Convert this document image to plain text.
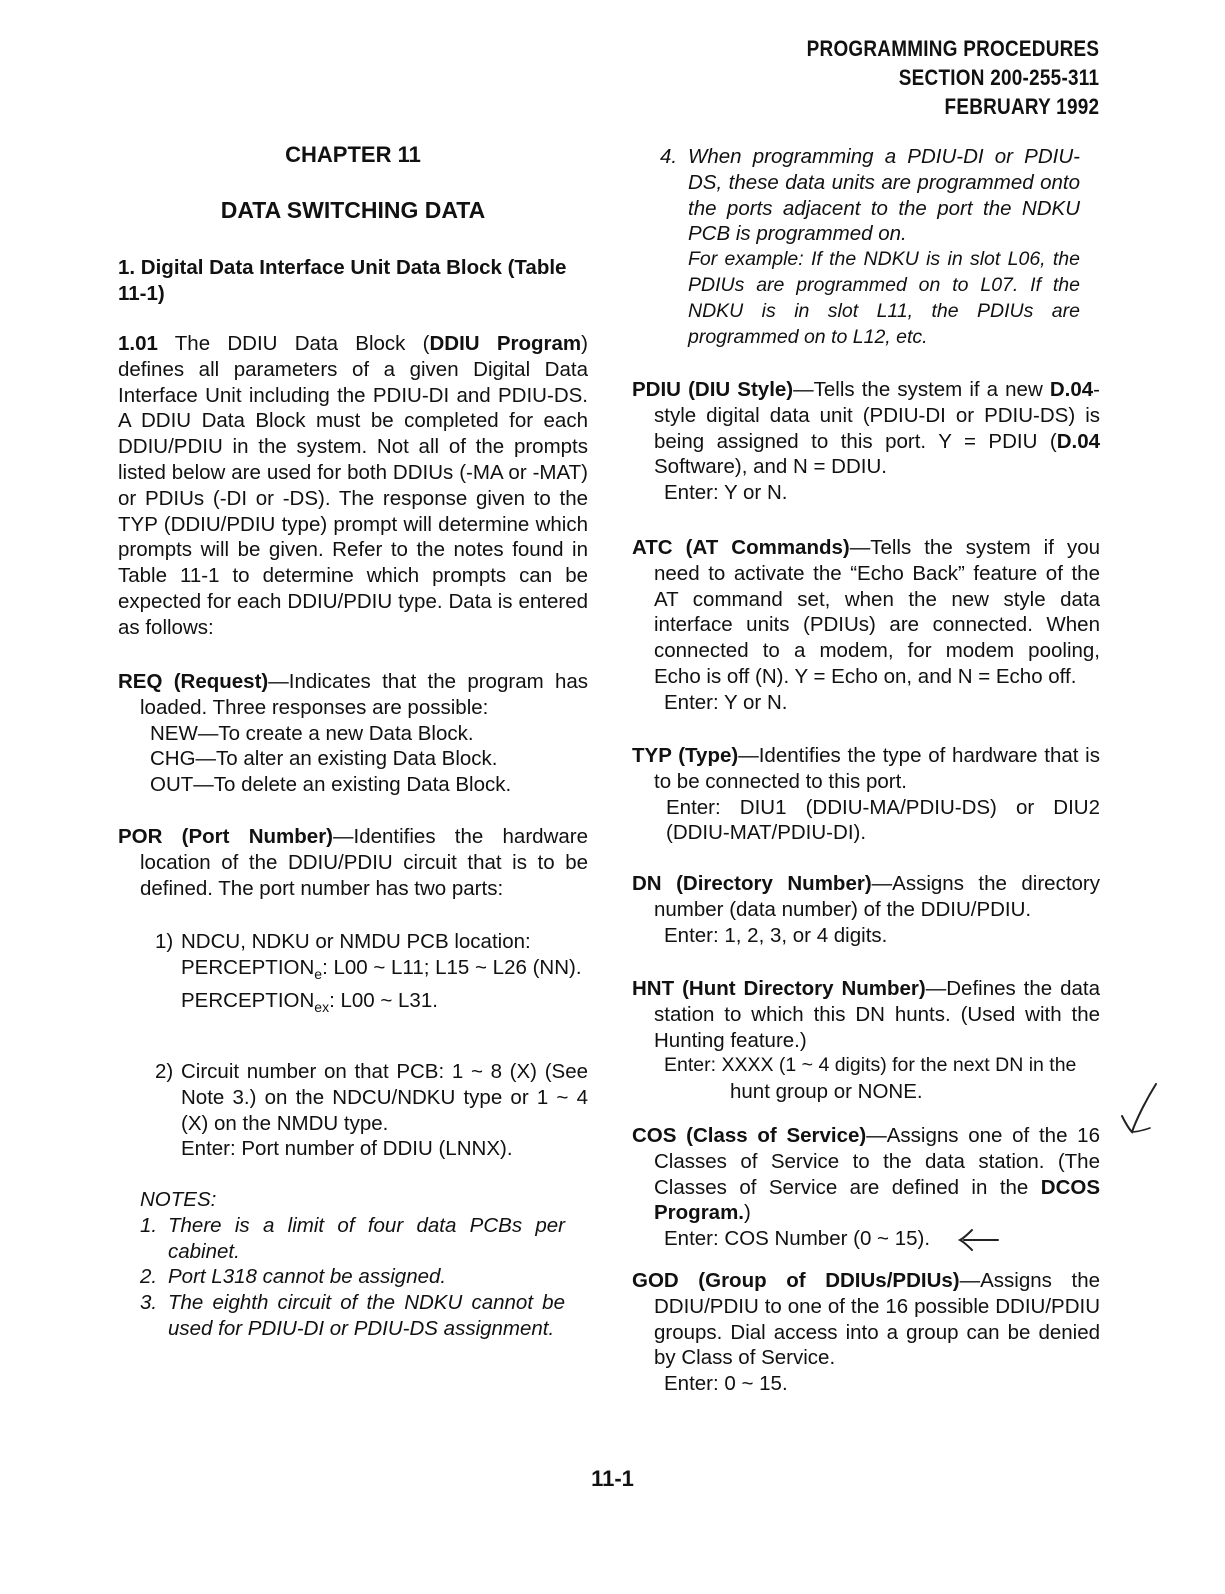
PROGRAMMING PROCEDURES
SECTION 200-255-311
FEBRUARY 1992
CHAPTER 11
DATA SWITCHING DATA
1. Digital Data Interface Unit Data Block (Table 11-1)

1.01 The DDIU Data Block (DDIU Program) defines all parameters of a given Digital Data Interface Unit including the PDIU-DI and PDIU-DS. A DDIU Data Block must be completed for each DDIU/PDIU in the system. Not all of the prompts listed below are used for both DDIUs (-MA or -MAT) or PDIUs (-DI or -DS). The response given to the TYP (DDIU/PDIU type) prompt will determine which prompts will be given. Refer to the notes found in Table 11-1 to determine which prompts can be expected for each DDIU/PDIU type. Data is entered as follows:

REQ (Request)—Indicates that the program has loaded. Three responses are possible:

NEW—To create a new Data Block.
CHG—To alter an existing Data Block.
OUT—To delete an existing Data Block.

POR (Port Number)—Identifies the hardware location of the DDIU/PDIU circuit that is to be defined. The port number has two parts:

1) NDCU, NDKU or NMDU PCB location:
$PERCEPTION_e$: L00 ~ L11; L15 ~ L26 (NN).
$PERCEPTION_{ex}$: L00 ~ L31.
2) Circuit number on that PCB: 1 ~ 8 (X) (See Note 3.) on the NDCU/NDKU type or 1 ~ 4 (X) on the NMDU type.
Enter: Port number of DDIU (LNNX).
NOTES:
1. There is a limit of four data PCBs per cabinet.
2. Port L318 cannot be assigned.
3. The eighth circuit of the NDKU cannot be used for PDIU-DI or PDIU-DS assignment.
4. When programming a PDIU-DI or PDIU-DS, these data units are programmed onto the ports adjacent to the port the NDKU PCB is programmed on.
For example: If the NDKU is in slot L06, the PDIUs are programmed on to L07. If the NDKU is in slot L11, the PDIUs are programmed on to L12, etc.

PDIU (DIU Style)—Tells the system if a new D.04-style digital data unit (PDIU-DI or PDIU-DS) is being assigned to this port. Y = PDIU (D.04 Software), and N = DDIU.

Enter: Y or N.

ATC (AT Commands)—Tells the system if you need to activate the “Echo Back” feature of the AT command set, when the new style data interface units (PDIUs) are connected. When connected to a modem, for modem pooling, Echo is off (N). Y = Echo on, and N = Echo off.

Enter: Y or N.

TYP (Type)—Identifies the type of hardware that is to be connected to this port.

Enter: DIU1 (DDIU-MA/PDIU-DS) or DIU2 (DDIU-MAT/PDIU-DI).

DN (Directory Number)—Assigns the directory number (data number) of the DDIU/PDIU.

Enter: 1, 2, 3, or 4 digits.

HNT (Hunt Directory Number)—Defines the data station to which this DN hunts. (Used with the Hunting feature.)

Enter: XXXX (1 ~ 4 digits) for the next DN in the
hunt group or NONE.

COS (Class of Service)—Assigns one of the 16 Classes of Service to the data station. (The Classes of Service are defined in the DCOS Program.)

Enter: COS Number (0 ~ 15).

GOD (Group of DDIUs/PDIUs)—Assigns the DDIU/PDIU to one of the 16 possible DDIU/PDIU groups. Dial access into a group can be denied by Class of Service.

Enter: 0 ~ 15.
11-1
